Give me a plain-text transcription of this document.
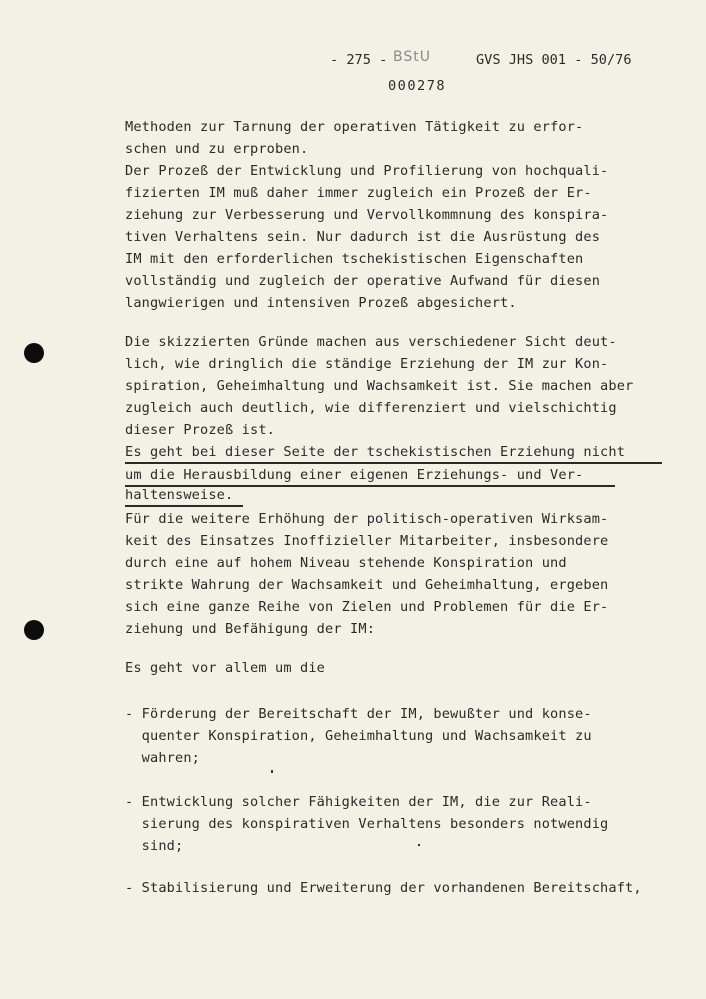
- 275 - BStU	GVS JHS 001 - 50/76
000278
Methoden zur Tarnung der operativen Tätigkeit zu erfor-
schen und zu erproben.
Der Prozeß der Entwicklung und Profilierung von hochquali-
fizierten IM muß daher immer zugleich ein Prozeß der Er-
ziehung zur Verbesserung und Vervollkommnung des konspira-
tiven Verhaltens sein. Nur dadurch ist die Ausrüstung des
IM mit den erforderlichen tschekistischen Eigenschaften
vollständig und zugleich der operative Aufwand für diesen
langwierigen und intensiven Prozeß abgesichert.
Die skizzierten Gründe machen aus verschiedener Sicht deut-
lich, wie dringlich die ständige Erziehung der IM zur Kon-
spiration, Geheimhaltung und Wachsamkeit ist. Sie machen aber
zugleich auch deutlich, wie differenziert und vielschichtig
dieser Prozeß ist.
Es geht bei dieser Seite der tschekistischen Erziehung nicht
um die Herausbildung einer eigenen Erziehungs- und Ver-
haltensweise.
Für die weitere Erhöhung der politisch-operativen Wirksam-
keit des Einsatzes Inoffizieller Mitarbeiter, insbesondere
durch eine auf hohem Niveau stehende Konspiration und
strikte Wahrung der Wachsamkeit und Geheimhaltung, ergeben
sich eine ganze Reihe von Zielen und Problemen für die Er-
ziehung und Befähigung der IM:
Es geht vor allem um die
- Förderung der Bereitschaft der IM, bewußter und konse-
quenter Konspiration, Geheimhaltung und Wachsamkeit zu
wahren;
- Entwicklung solcher Fähigkeiten der IM, die zur Reali-
sierung des konspirativen Verhaltens besonders notwendig
sind;
- Stabilisierung und Erweiterung der vorhandenen Bereitschaft,
